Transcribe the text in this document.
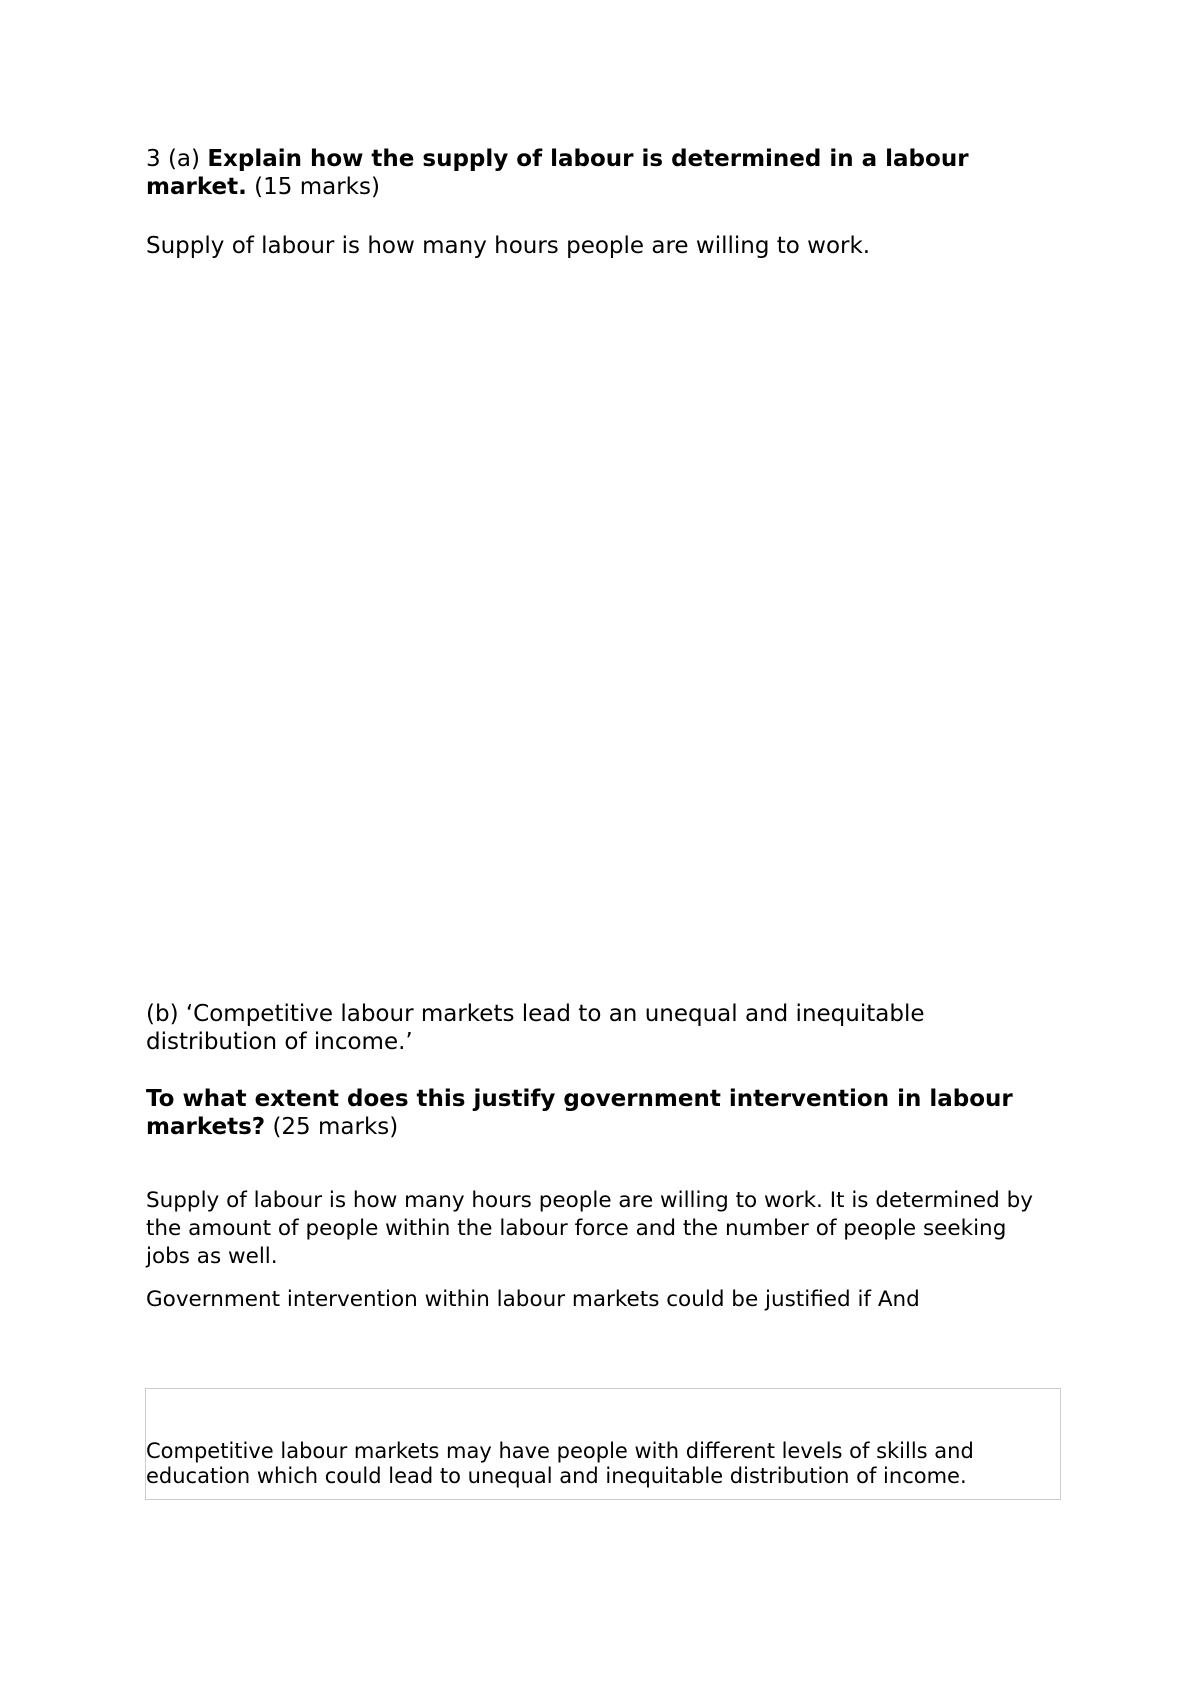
3 (a) Explain how the supply of labour is determined in a labour market. (15 marks)

Supply of labour is how many hours people are willing to work.

(b) ‘Competitive labour markets lead to an unequal and inequitable distribution of income.’

To what extent does this justify government intervention in labour markets? (25 marks)

Supply of labour is how many hours people are willing to work. It is determined by the amount of people within the labour force and the number of people seeking jobs as well.

Government intervention within labour markets could be justified if And

Competitive labour markets may have people with different levels of skills and education which could lead to unequal and inequitable distribution of income.
